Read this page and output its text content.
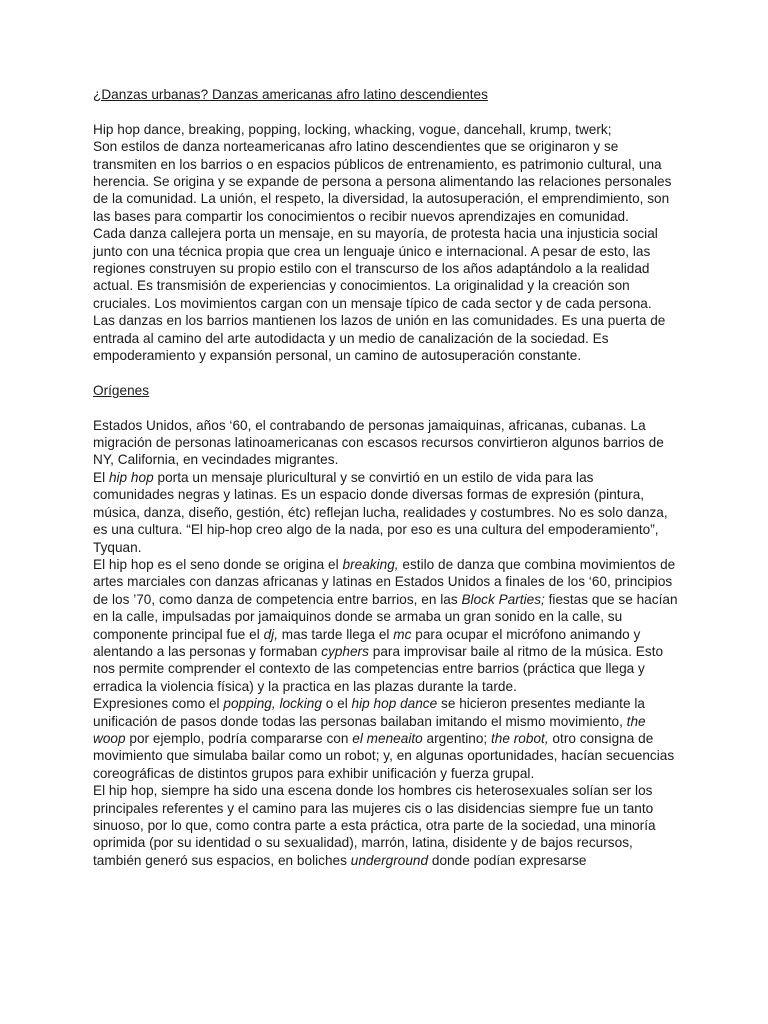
¿Danzas urbanas? Danzas americanas afro latino descendientes

Hip hop dance, breaking, popping, locking, whacking, vogue, dancehall, krump, twerk;

Son estilos de danza norteamericanas afro latino descendientes que se originaron y se transmiten en los barrios o en espacios públicos de entrenamiento, es patrimonio cultural, una herencia. Se origina y se expande de persona a persona alimentando las relaciones personales de la comunidad. La unión, el respeto, la diversidad, la autosuperación, el emprendimiento, son las bases para compartir los conocimientos o recibir nuevos aprendizajes en comunidad.

Cada danza callejera porta un mensaje, en su mayoría, de protesta hacia una injusticia social junto con una técnica propia que crea un lenguaje único e internacional. A pesar de esto, las regiones construyen su propio estilo con el transcurso de los años adaptándolo a la realidad actual. Es transmisión de experiencias y conocimientos. La originalidad y la creación son cruciales. Los movimientos cargan con un mensaje típico de cada sector y de cada persona.

Las danzas en los barrios mantienen los lazos de unión en las comunidades. Es una puerta de entrada al camino del arte autodidacta y un medio de canalización de la sociedad. Es empoderamiento y expansión personal, un camino de autosuperación constante.

Orígenes

Estados Unidos, años ‘60, el contrabando de personas jamaiquinas, africanas, cubanas. La migración de personas latinoamericanas con escasos recursos convirtieron algunos barrios de NY, California, en vecindades migrantes.

El hip hop porta un mensaje pluricultural y se convirtió en un estilo de vida para las comunidades negras y latinas. Es un espacio donde diversas formas de expresión (pintura, música, danza, diseño, gestión, étc) reflejan lucha, realidades y costumbres. No es solo danza, es una cultura. “El hip-hop creo algo de la nada, por eso es una cultura del empoderamiento”, Tyquan.

El hip hop es el seno donde se origina el breaking, estilo de danza que combina movimientos de artes marciales con danzas africanas y latinas en Estados Unidos a finales de los ‘60, principios de los ’70, como danza de competencia entre barrios, en las Block Parties; fiestas que se hacían en la calle, impulsadas por jamaiquinos donde se armaba un gran sonido en la calle, su componente principal fue el dj, mas tarde llega el mc para ocupar el micrófono animando y alentando a las personas y formaban cyphers para improvisar baile al ritmo de la música. Esto nos permite comprender el contexto de las competencias entre barrios (práctica que llega y erradica la violencia física) y la practica en las plazas durante la tarde.

Expresiones como el popping, locking o el hip hop dance se hicieron presentes mediante la unificación de pasos donde todas las personas bailaban imitando el mismo movimiento, the woop por ejemplo, podría compararse con el meneaito argentino; the robot, otro consigna de movimiento que simulaba bailar como un robot; y, en algunas oportunidades, hacían secuencias coreográficas de distintos grupos para exhibir unificación y fuerza grupal.

El hip hop, siempre ha sido una escena donde los hombres cis heterosexuales solían ser los principales referentes y el camino para las mujeres cis o las disidencias siempre fue un tanto sinuoso, por lo que, como contra parte a esta práctica, otra parte de la sociedad, una minoría oprimida (por su identidad o su sexualidad), marrón, latina, disidente y de bajos recursos, también generó sus espacios, en boliches underground donde podían expresarse
